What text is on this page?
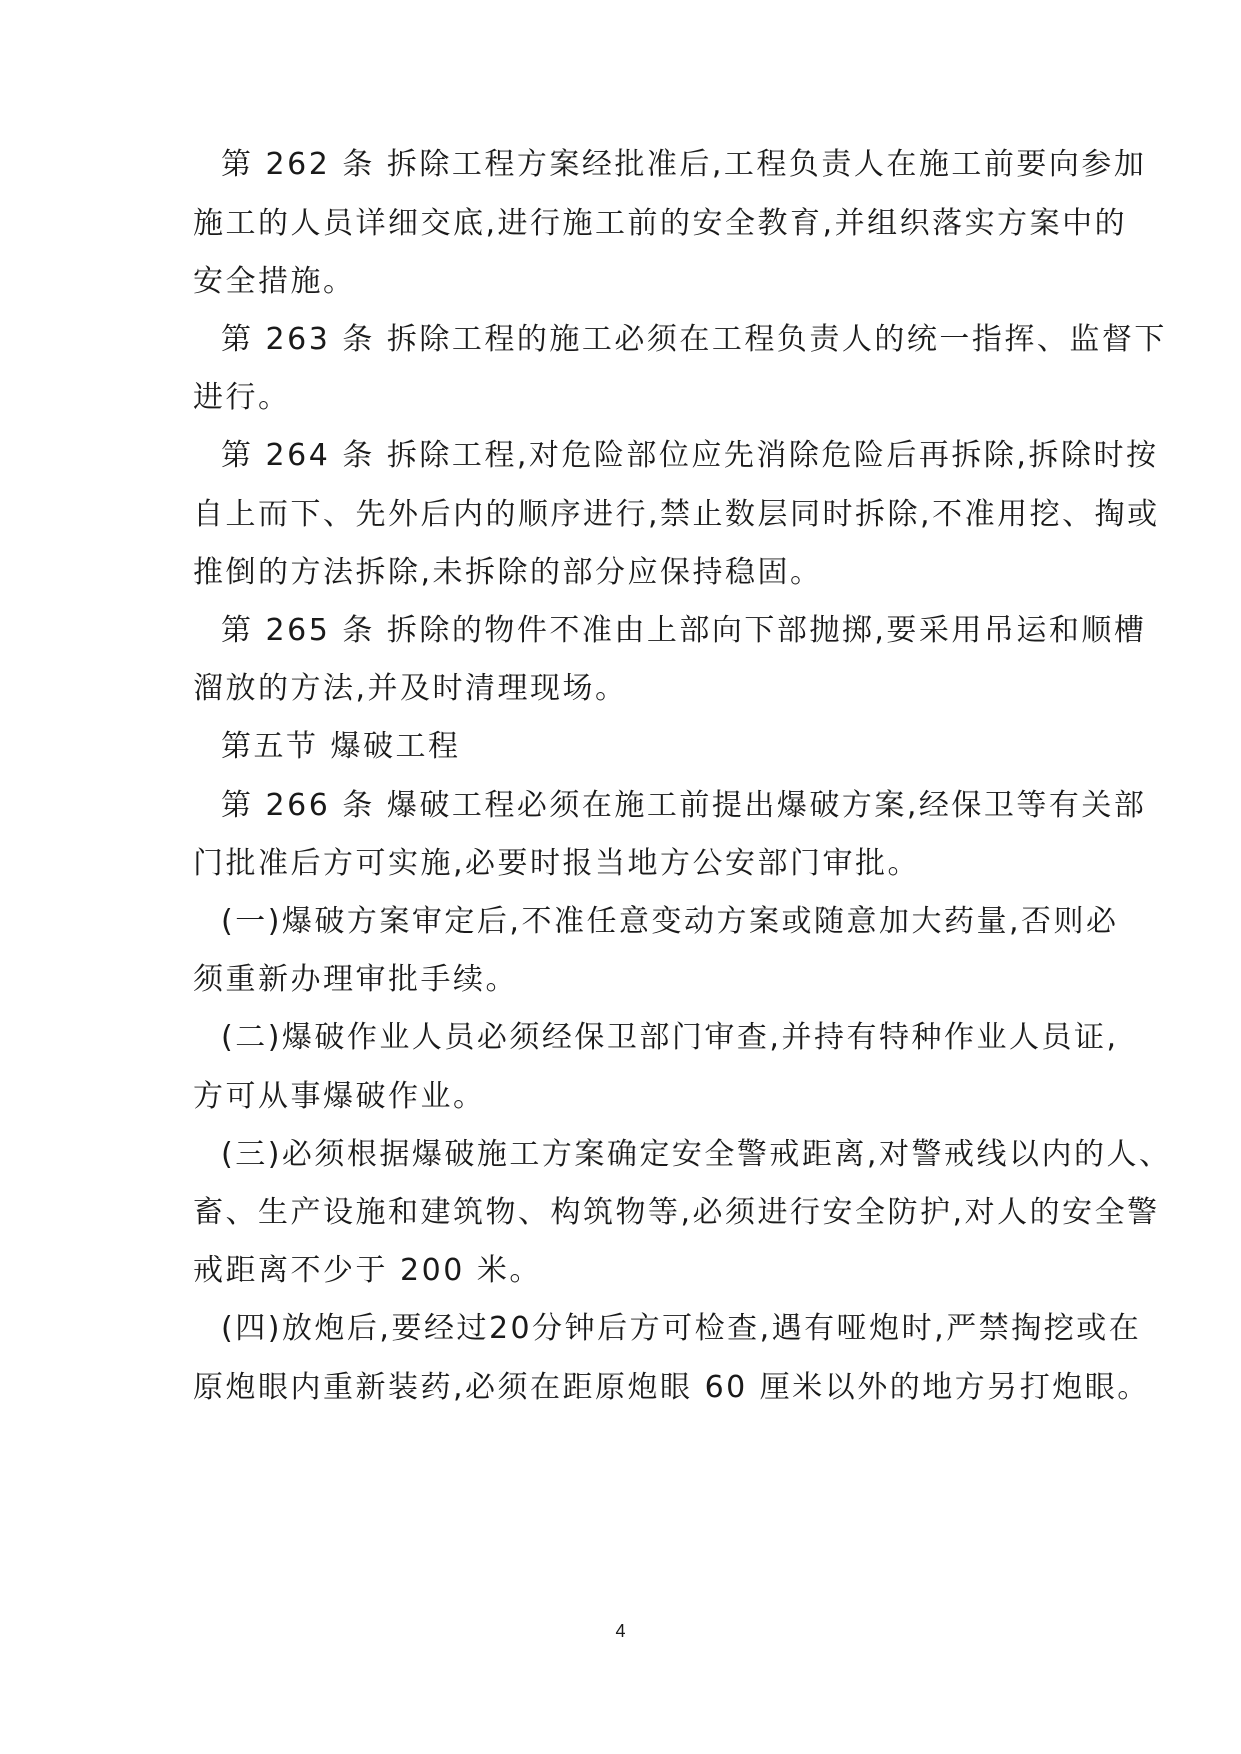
第 262 条 拆除工程方案经批准后,工程负责人在施工前要向参加
施工的人员详细交底,进行施工前的安全教育,并组织落实方案中的
安全措施。
第 263 条 拆除工程的施工必须在工程负责人的统一指挥、监督下
进行。
第 264 条 拆除工程,对危险部位应先消除危险后再拆除,拆除时按
自上而下、先外后内的顺序进行,禁止数层同时拆除,不准用挖、掏或
推倒的方法拆除,未拆除的部分应保持稳固。
第 265 条 拆除的物件不准由上部向下部抛掷,要采用吊运和顺槽
溜放的方法,并及时清理现场。
第五节 爆破工程
第 266 条 爆破工程必须在施工前提出爆破方案,经保卫等有关部
门批准后方可实施,必要时报当地方公安部门审批。
(一)爆破方案审定后,不准任意变动方案或随意加大药量,否则必
须重新办理审批手续。
(二)爆破作业人员必须经保卫部门审查,并持有特种作业人员证,
方可从事爆破作业。
(三)必须根据爆破施工方案确定安全警戒距离,对警戒线以内的人、
畜、生产设施和建筑物、构筑物等,必须进行安全防护,对人的安全警
戒距离不少于 200 米。
(四)放炮后,要经过20分钟后方可检查,遇有哑炮时,严禁掏挖或在
原炮眼内重新装药,必须在距原炮眼 60 厘米以外的地方另打炮眼。
4
